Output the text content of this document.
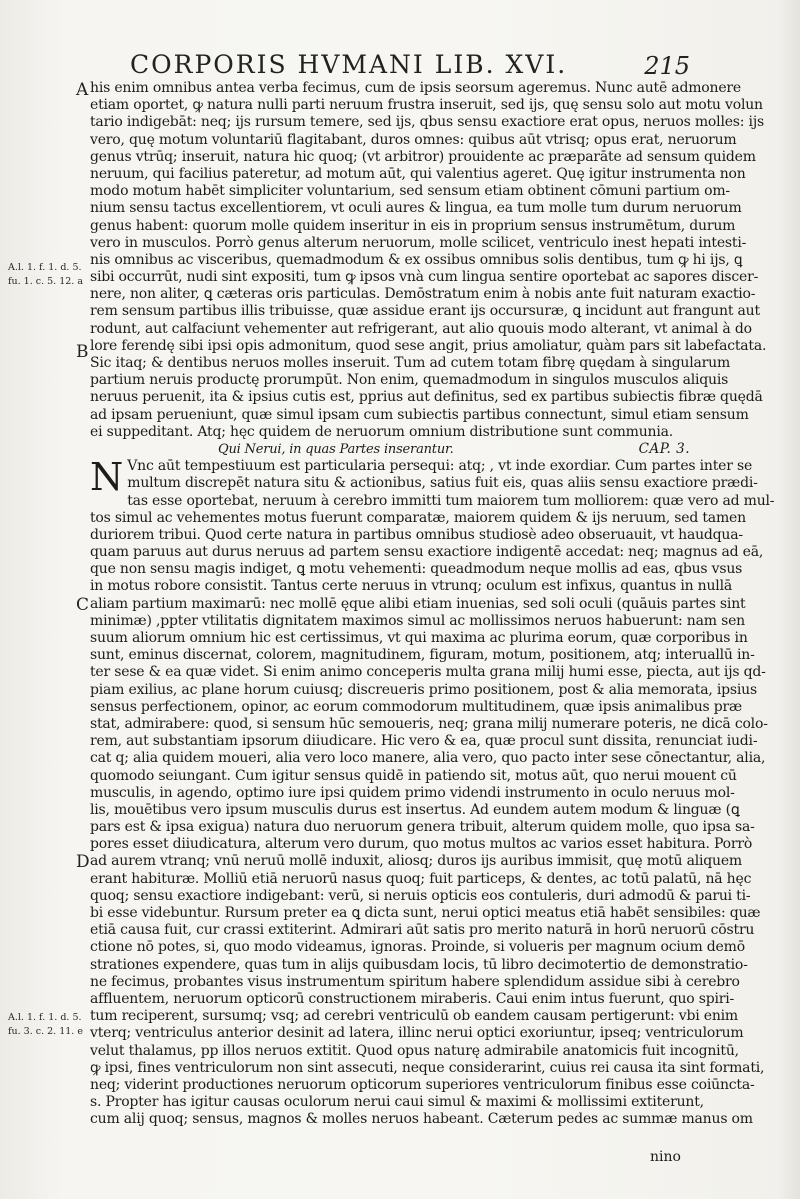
CORPORIS HVMANI LIB. XVI.	215
A.l. 1. f. 1. d. 5.
fu. 1. c. 5. 12. a
A.l. 1. f. 1. d. 5.
fu. 3. c. 2. 11. e
A
B
C
D
his enim omnibus antea verba fecimus, cum de ipsis seorsum ageremus. Nunc autē admonere
etiam oportet, ꝙ natura nulli parti neruum frustra inseruit, sed ijs, quę sensu solo aut motu volun
tario indigebāt: neq; ijs rursum temere, sed ijs, qbus sensu exactiore erat opus, neruos molles: ijs
vero, quę motum voluntariū flagitabant, duros omnes: quibus aūt vtrisq; opus erat, neruorum
genus vtrūq; inseruit, natura hic quoq; (vt arbitror) prouidente ac præparāte ad sensum quidem
neruum, qui facilius pateretur, ad motum aūt, qui valentius ageret. Quę igitur instrumenta non
modo motum habēt simpliciter voluntarium, sed sensum etiam obtinent cōmuni partium om-
nium sensu tactus excellentiorem, vt oculi aures & lingua, ea tum molle tum durum neruorum
genus habent: quorum molle quidem inseritur in eis in proprium sensus instrumētum, durum
vero in musculos. Porrò genus alterum neruorum, molle scilicet, ventriculo inest hepati intesti-
nis omnibus ac visceribus, quemadmodum & ex ossibus omnibus solis dentibus, tum ꝙ hi ijs, ꝗ
sibi occurrūt, nudi sint expositi, tum ꝙ ipsos vnà cum lingua sentire oportebat ac sapores discer-
nere, non aliter, ꝗ cæteras oris particulas. Demōstratum enim à nobis ante fuit naturam exactio-
rem sensum partibus illis tribuisse, quæ assidue erant ijs occursuræ, ꝗ incidunt aut frangunt aut
rodunt, aut calfaciunt vehementer aut refrigerant, aut alio quouis modo alterant, vt animal à do
lore ferendę sibi ipsi opis admonitum, quod sese angit, prius amoliatur, quàm pars sit labefactata.
Sic itaq; & dentibus neruos molles inseruit. Tum ad cutem totam fibrę quędam à singularum
partium neruis productę prorumpūt. Non enim, quemadmodum in singulos musculos aliquis
neruus peruenit, ita & ipsius cutis est, pprius aut definitus, sed ex partibus subiectis fibræ quędā
ad ipsam perueniunt, quæ simul ipsam cum subiectis partibus connectunt, simul etiam sensum
ei suppeditant. Atq; hęc quidem de neruorum omnium distributione sunt communia.
Qui Nerui, in quas Partes inserantur.	CAP. 3.
N Vnc aūt tempestiuum est particularia persequi: atq; , vt inde exordiar. Cum partes inter se
multum discrepēt natura situ & actionibus, satius fuit eis, quas aliis sensu exactiore prædi-
tas esse oportebat, neruum à cerebro immitti tum maiorem tum molliorem: quæ vero ad mul-
tos simul ac vehementes motus fuerunt comparatæ, maiorem quidem & ijs neruum, sed tamen
duriorem tribui. Quod certe natura in partibus omnibus studiosè adeo obseruauit, vt haudqua-
quam paruus aut durus neruus ad partem sensu exactiore indigentē accedat: neq; magnus ad eā,
que non sensu magis indiget, ꝗ motu vehementi: queadmodum neque mollis ad eas, qbus vsus
in motus robore consistit. Tantus certe neruus in vtrunq; oculum est infixus, quantus in nullā
aliam partium maximarū: nec mollē ęque alibi etiam inuenias, sed soli oculi (quāuis partes sint
minimæ) ,ppter vtilitatis dignitatem maximos simul ac mollissimos neruos habuerunt: nam sen
suum aliorum omnium hic est certissimus, vt qui maxima ac plurima eorum, quæ corporibus in
sunt, eminus discernat, colorem, magnitudinem, figuram, motum, positionem, atq; interuallū in-
ter sese & ea quæ videt. Si enim animo conceperis multa grana milij humi esse, piecta, aut ijs qd-
piam exilius, ac plane horum cuiusq; discreueris primo positionem, post & alia memorata, ipsius
sensus perfectionem, opinor, ac eorum commodorum multitudinem, quæ ipsis animalibus præ
stat, admirabere: quod, si sensum hūc semoueris, neq; grana milij numerare poteris, ne dicā colo-
rem, aut substantiam ipsorum diiudicare. Hic vero & ea, quæ procul sunt dissita, renunciat iudi-
cat q; alia quidem moueri, alia vero loco manere, alia vero, quo pacto inter sese cōnectantur, alia,
quomodo seiungant. Cum igitur sensus quidē in patiendo sit, motus aūt, quo nerui mouent cū
musculis, in agendo, optimo iure ipsi quidem primo videndi instrumento in oculo neruus mol-
lis, mouētibus vero ipsum musculis durus est insertus. Ad eundem autem modum & linguæ (ꝗ
pars est & ipsa exigua) natura duo neruorum genera tribuit, alterum quidem molle, quo ipsa sa-
pores esset diiudicatura, alterum vero durum, quo motus multos ac varios esset habitura. Porrò
ad aurem vtranq; vnū neruū mollē induxit, aliosq; duros ijs auribus immisit, quę motū aliquem
erant habituræ. Molliū etiā neruorū nasus quoq; fuit particeps, & dentes, ac totū palatū, nā hęc
quoq; sensu exactiore indigebant: verū, si neruis opticis eos contuleris, duri admodū & parui ti-
bi esse videbuntur. Rursum preter ea ꝗ dicta sunt, nerui optici meatus etiā habēt sensibiles: quæ
etiā causa fuit, cur crassi extiterint. Admirari aūt satis pro merito naturā in horū neruorū cōstru
ctione nō potes, si, quo modo videamus, ignoras. Proinde, si volueris per magnum ocium demō
strationes expendere, quas tum in alijs quibusdam locis, tū libro decimotertio de demonstratio-
ne fecimus, probantes visus instrumentum spiritum habere splendidum assidue sibi à cerebro
affluentem, neruorum opticorū constructionem miraberis. Caui enim intus fuerunt, quo spiri-
tum reciperent, sursumq; vsq; ad cerebri ventriculū ob eandem causam pertigerunt: vbi enim
vterq; ventriculus anterior desinit ad latera, illinc nerui optici exoriuntur, ipseq; ventriculorum
velut thalamus, pp illos neruos extitit. Quod opus naturę admirabile anatomicis fuit incognitū,
ꝙ ipsi, fines ventriculorum non sint assecuti, neque considerarint, cuius rei causa ita sint formati,
neq; viderint productiones neruorum opticorum superiores ventriculorum finibus esse coiūncta-
s. Propter has igitur causas oculorum nerui caui simul & maximi & mollissimi extiterunt,
cum alij quoq; sensus, magnos & molles neruos habeant. Cæterum pedes ac summæ manus om
nino
